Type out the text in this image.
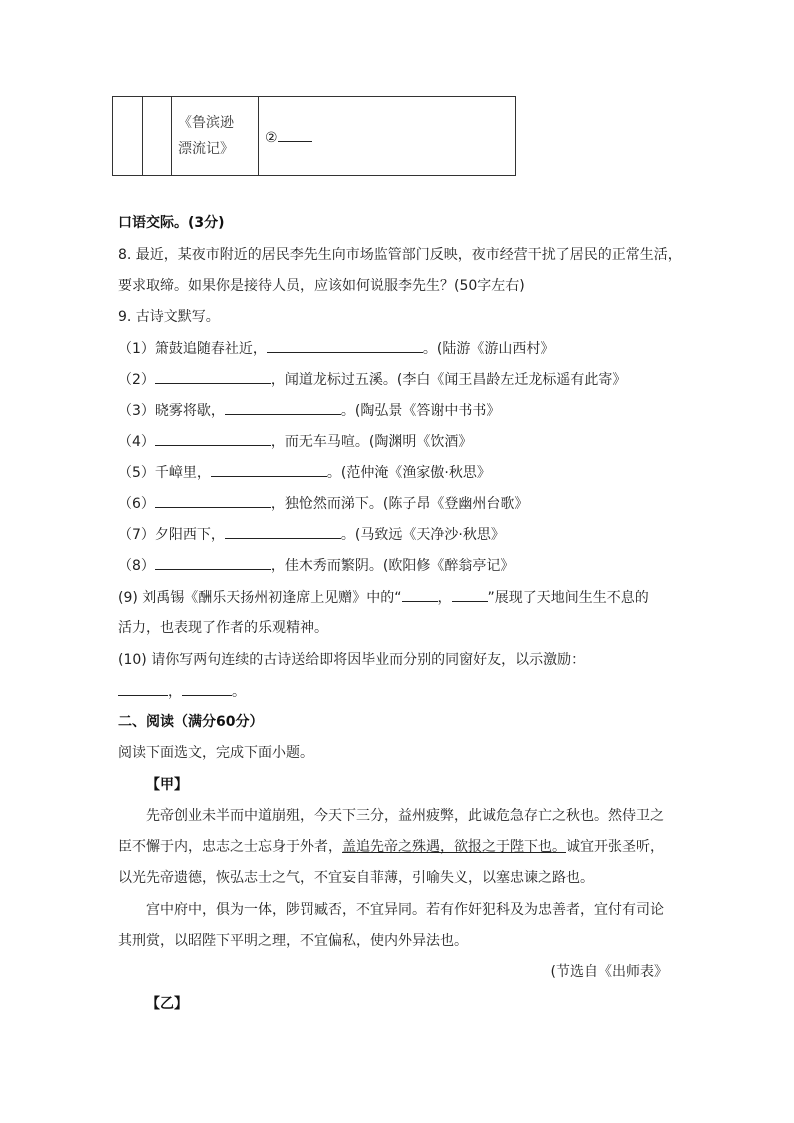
《鲁滨逊
漂流记》
	②
口语交际。(3分)
8. 最近，某夜市附近的居民李先生向市场监管部门反映，夜市经营干扰了居民的正常生活，
要求取缔。如果你是接待人员，应该如何说服李先生？(50字左右)
9. 古诗文默写。
（1）箫鼓追随春社近，	。(陆游《游山西村》
（2）	，闻道龙标过五溪。(李白《闻王昌龄左迁龙标遥有此寄》
（3）晓雾将歇，	。(陶弘景《答谢中书书》
（4）	，而无车马喧。(陶渊明《饮酒》
（5）千嶂里，	。(范仲淹《渔家傲·秋思》
（6）	，独怆然而涕下。(陈子昂《登幽州台歌》
（7）夕阳西下，	。(马致远《天净沙·秋思》
（8）	，佳木秀而繁阴。(欧阳修《醉翁亭记》
(9) 刘禹锡《酬乐天扬州初逢席上见赠》中的“	，	”展现了天地间生生不息的
活力，也表现了作者的乐观精神。
(10) 请你写两句连续的古诗送给即将因毕业而分别的同窗好友，以示激励：
，	。
二、阅读（满分60分）
阅读下面选文，完成下面小题。
【甲】
先帝创业未半而中道崩殂，今天下三分，益州疲弊，此诚危急存亡之秋也。然侍卫之
臣不懈于内，忠志之士忘身于外者，盖追先帝之殊遇，欲报之于陛下也。诚宜开张圣听，
以光先帝遗德，恢弘志士之气，不宜妄自菲薄，引喻失义，以塞忠谏之路也。
宫中府中，俱为一体，陟罚臧否，不宜异同。若有作奸犯科及为忠善者，宜付有司论
其刑赏，以昭陛下平明之理，不宜偏私，使内外异法也。
(节选自《出师表》
【乙】
